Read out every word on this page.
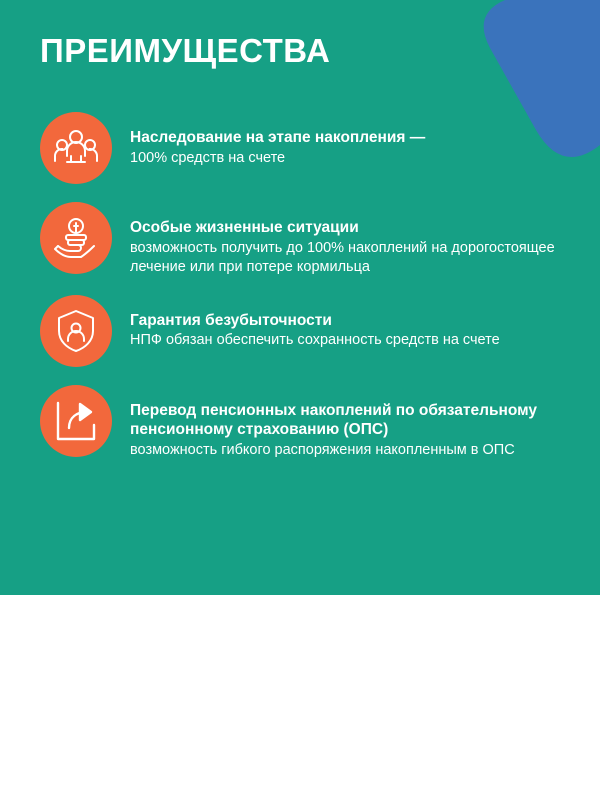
ПРЕИМУЩЕСТВА

Наследование на этапе накопления —

100% средств на счете

Особые жизненные ситуации

возможность получить до 100% накоплений на дорогостоящее лечение или при потере кормильца

Гарантия безубыточности

НПФ обязан обеспечить сохранность средств на счете

Перевод пенсионных накоплений по обязательному пенсионному страхованию (ОПС)

возможность гибкого распоряжения накопленным в ОПС
